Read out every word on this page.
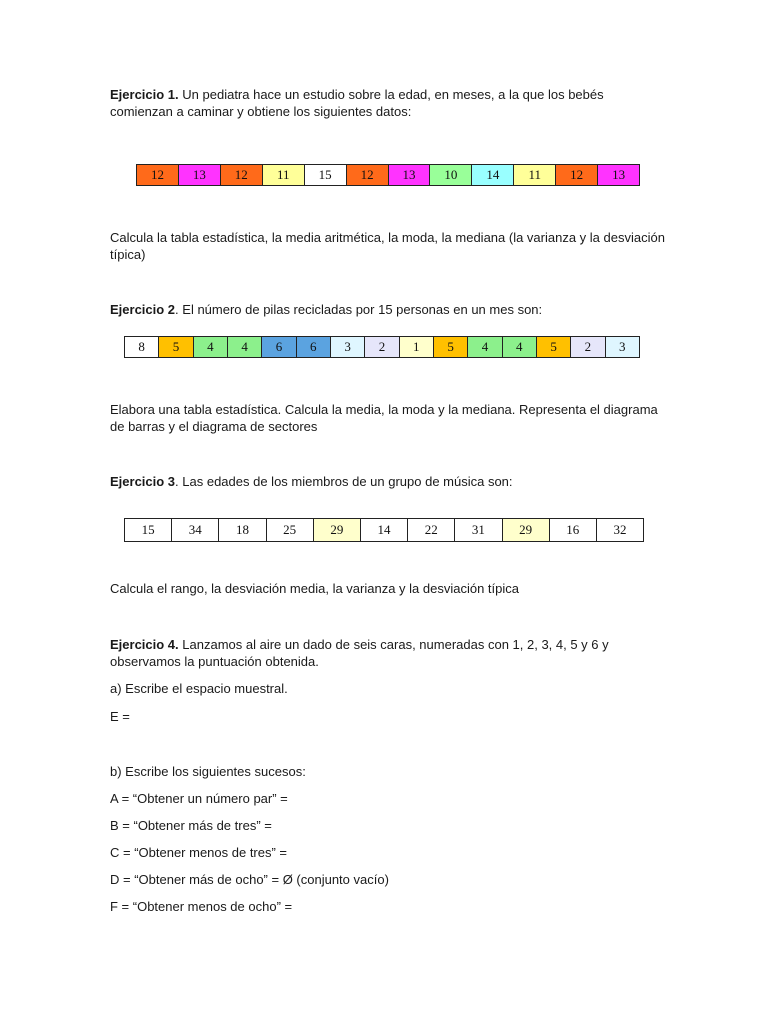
Ejercicio 1. Un pediatra hace un estudio sobre la edad, en meses, a la que los bebés comienzan a caminar y obtiene los siguientes datos:

12	13	12	11	15	12	13	10	14	11	12	13

Calcula la tabla estadística, la media aritmética, la moda, la mediana (la varianza y la desviación típica)

Ejercicio 2. El número de pilas recicladas por 15 personas en un mes son:

8	5	4	4	6	6	3	2	1	5	4	4	5	2	3

Elabora una tabla estadística. Calcula la media, la moda y la mediana. Representa el diagrama de barras y el diagrama de sectores

Ejercicio 3. Las edades de los miembros de un grupo de música son:

15	34	18	25	29	14	22	31	29	16	32

Calcula el rango, la desviación media, la varianza y la desviación típica

Ejercicio 4. Lanzamos al aire un dado de seis caras, numeradas con 1, 2, 3, 4, 5 y 6 y observamos la puntuación obtenida.

a) Escribe el espacio muestral.

E =

b) Escribe los siguientes sucesos:

A = “Obtener un número par” =

B = “Obtener más de tres” =

C = “Obtener menos de tres” =

D = “Obtener más de ocho” = Ø (conjunto vacío)

F = “Obtener menos de ocho” =
